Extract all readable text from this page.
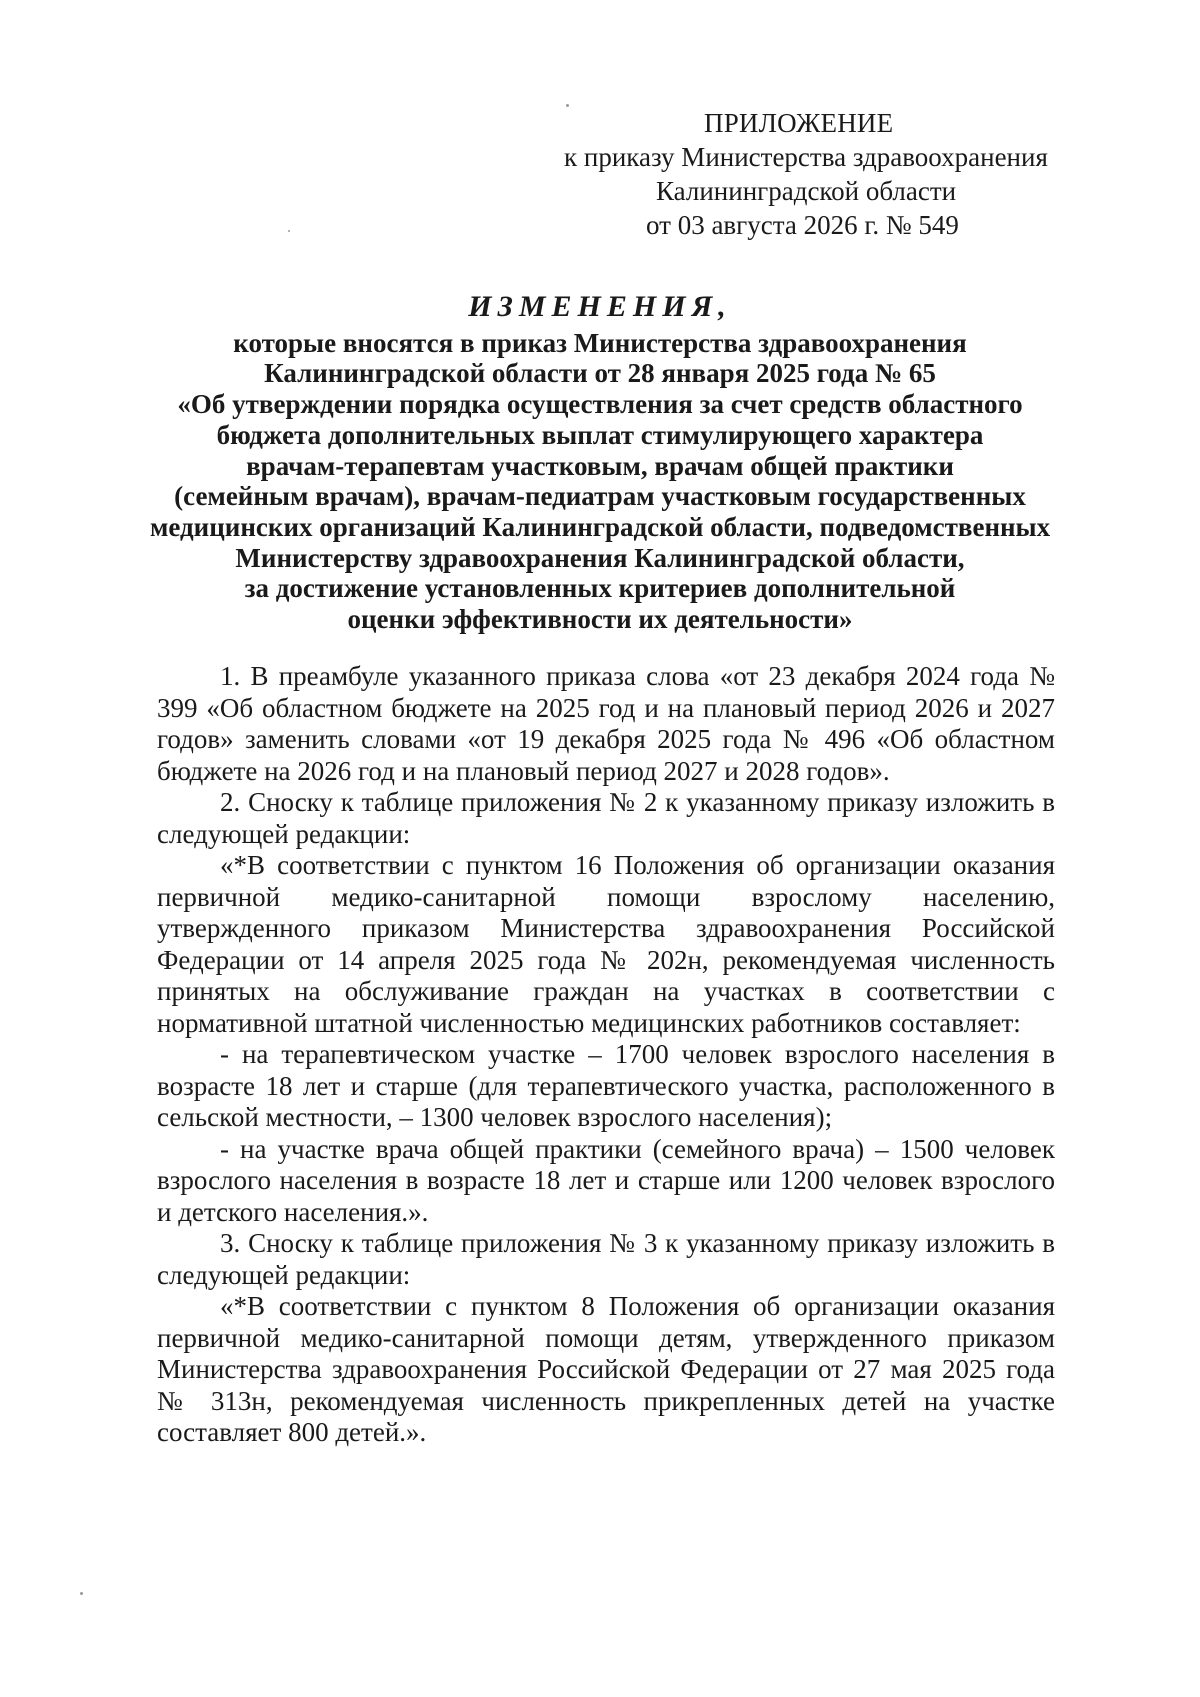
ПРИЛОЖЕНИЕ
к приказу Министерства здравоохранения
Калининградской области
от 03 августа 2026 г. № 549
ИЗМЕНЕНИЯ,
которые вносятся в приказ Министерства здравоохранения
Калининградской области от 28 января 2025 года № 65
«Об утверждении порядка осуществления за счет средств областного
бюджета дополнительных выплат стимулирующего характера
врачам-терапевтам участковым, врачам общей практики
(семейным врачам), врачам-педиатрам участковым государственных
медицинских организаций Калининградской области, подведомственных
Министерству здравоохранения Калининградской области,
за достижение установленных критериев дополнительной
оценки эффективности их деятельности»

1. В преамбуле указанного приказа слова «от 23 декабря 2024 года № 399 «Об областном бюджете на 2025 год и на плановый период 2026 и 2027 годов» заменить словами «от 19 декабря 2025 года № 496 «Об областном бюджете на 2026 год и на плановый период 2027 и 2028 годов».

2. Сноску к таблице приложения № 2 к указанному приказу изложить в следующей редакции:

«*В соответствии с пунктом 16 Положения об организации оказания первичной медико-санитарной помощи взрослому населению, утвержденного приказом Министерства здравоохранения Российской Федерации от 14 апреля 2025 года № 202н, рекомендуемая численность принятых на обслуживание граждан на участках в соответствии с нормативной штатной численностью медицинских работников составляет:

- на терапевтическом участке – 1700 человек взрослого населения в возрасте 18 лет и старше (для терапевтического участка, расположенного в сельской местности, – 1300 человек взрослого населения);

- на участке врача общей практики (семейного врача) – 1500 человек взрослого населения в возрасте 18 лет и старше или 1200 человек взрослого и детского населения.».

3. Сноску к таблице приложения № 3 к указанному приказу изложить в следующей редакции:

«*В соответствии с пунктом 8 Положения об организации оказания первичной медико-санитарной помощи детям, утвержденного приказом Министерства здравоохранения Российской Федерации от 27 мая 2025 года № 313н, рекомендуемая численность прикрепленных детей на участке составляет 800 детей.».
